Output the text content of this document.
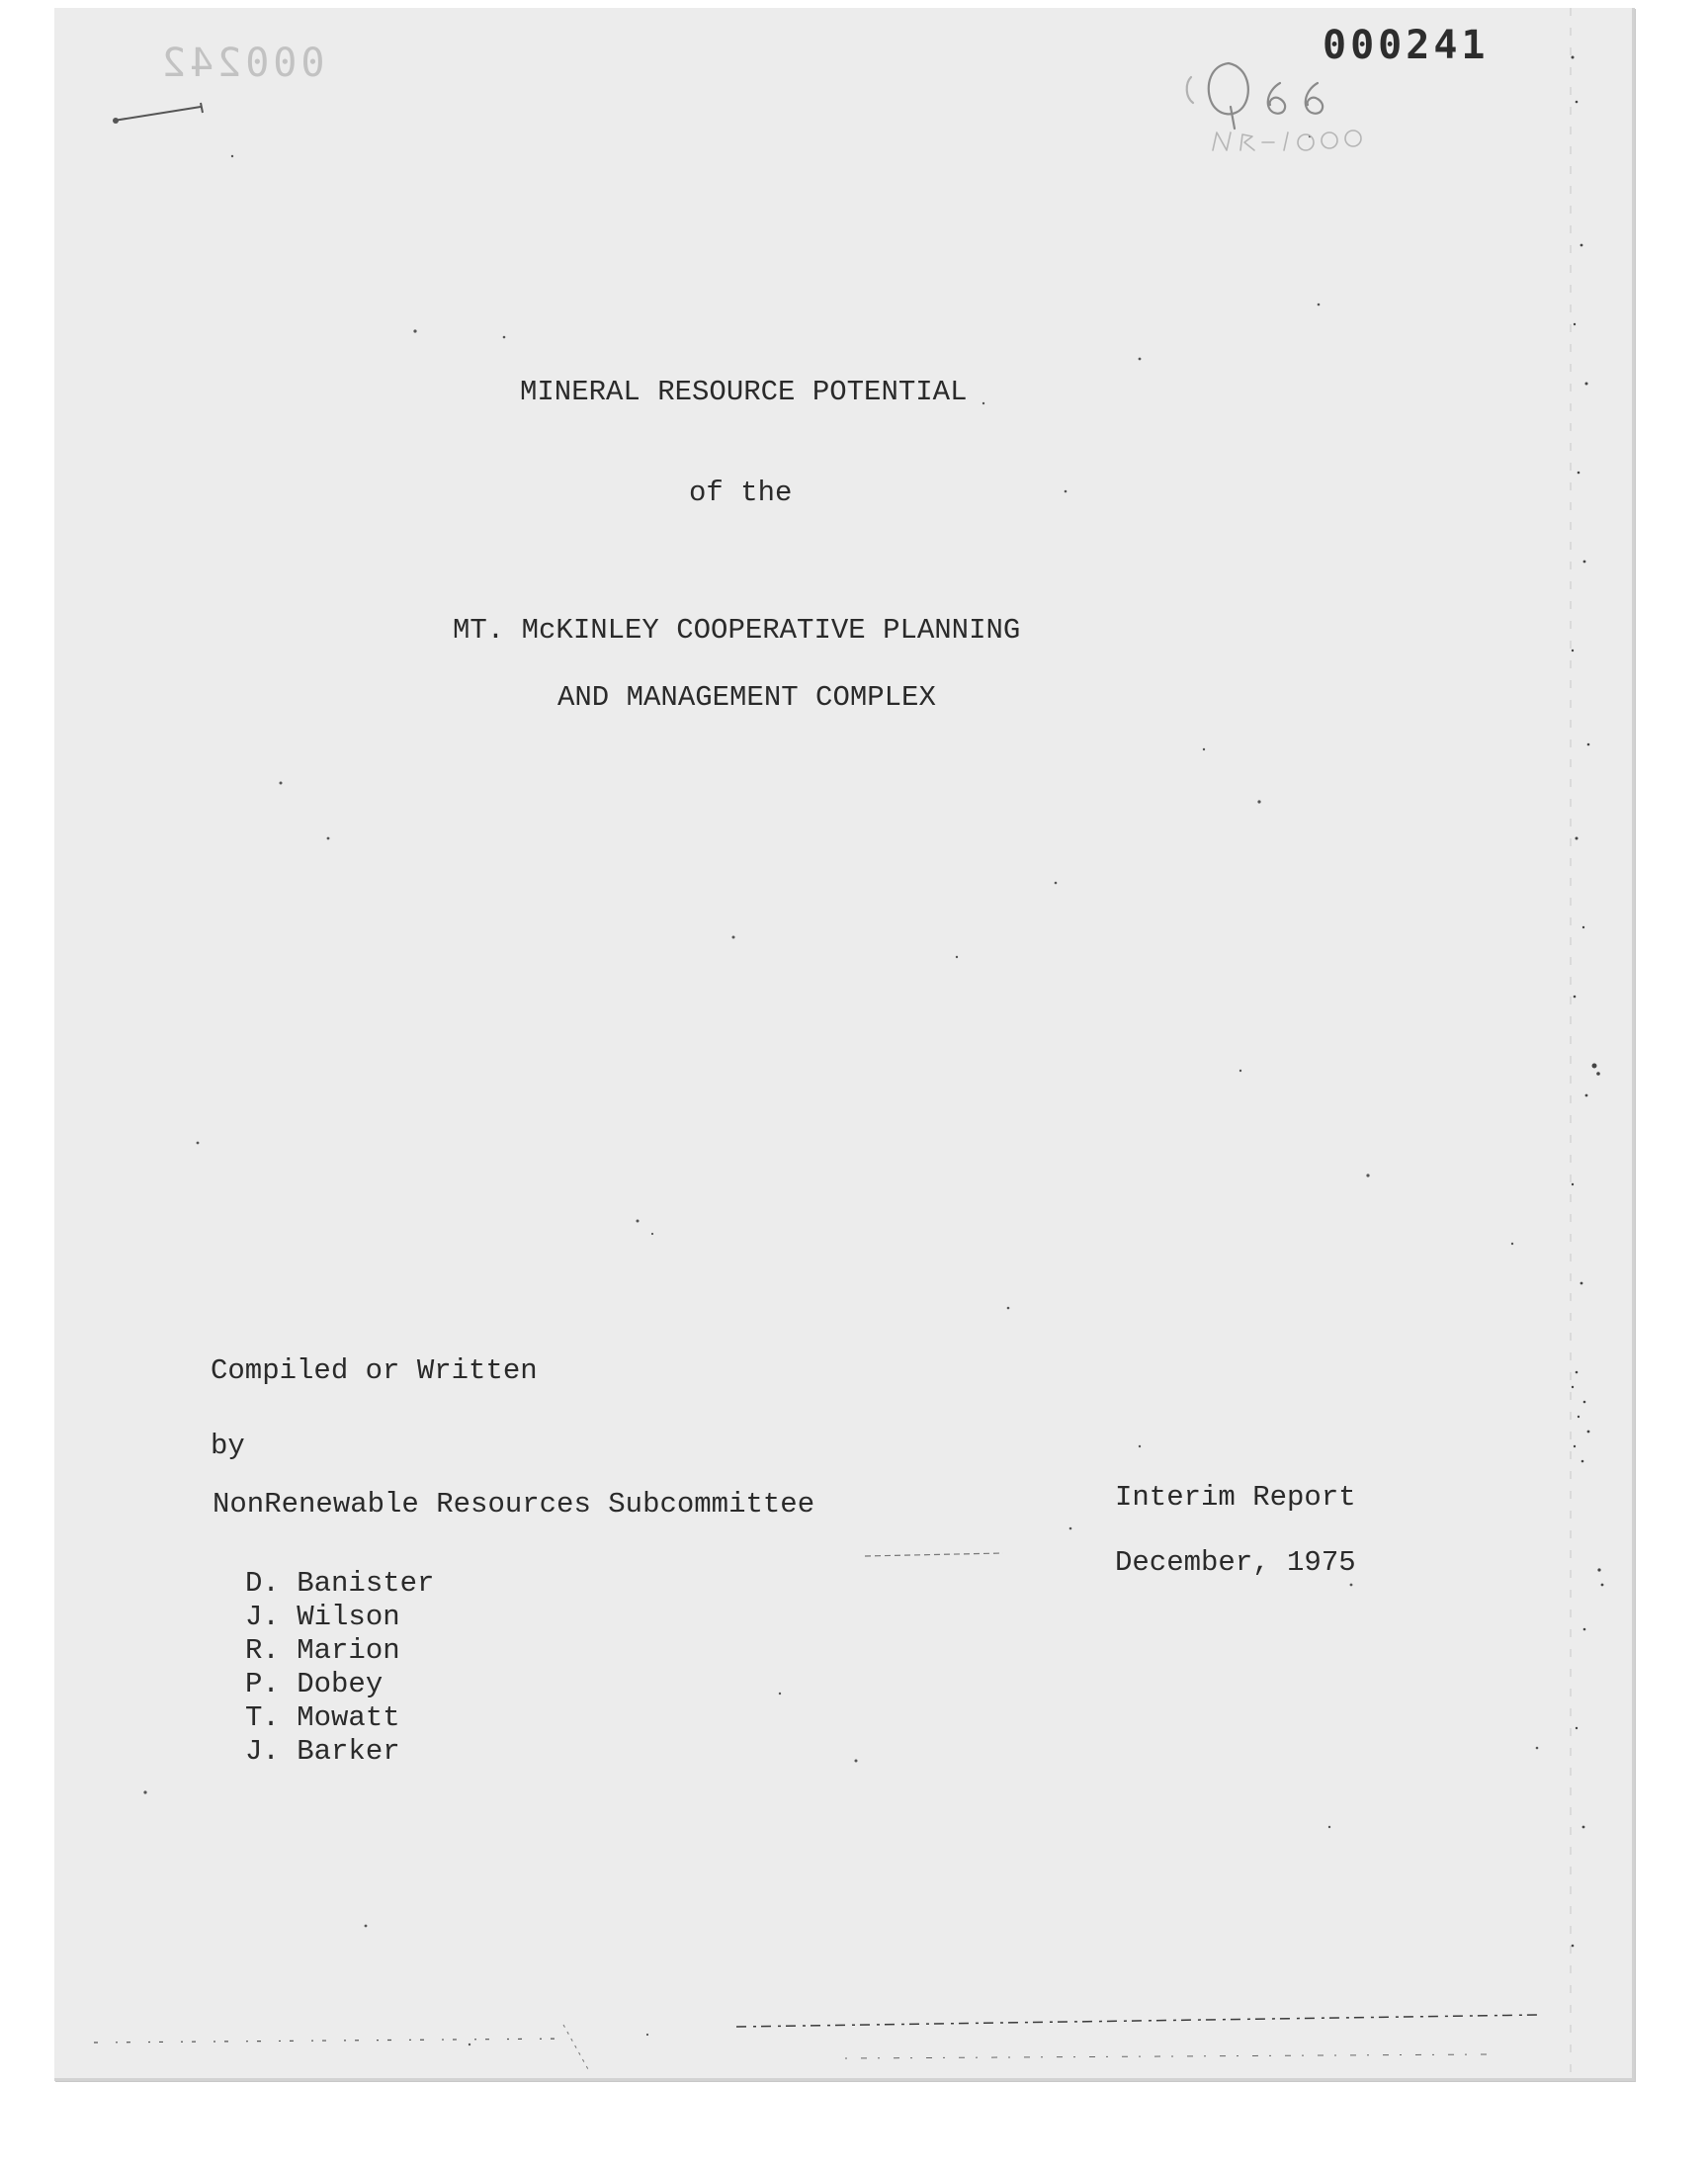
000242	000241
MINERAL RESOURCE POTENTIAL
of the
MT. McKINLEY COOPERATIVE PLANNING
AND MANAGEMENT COMPLEX
Compiled or Written
by
NonRenewable Resources Subcommittee
D. Banister
J. Wilson
R. Marion
P. Dobey
T. Mowatt
J. Barker
Interim Report
December, 1975
